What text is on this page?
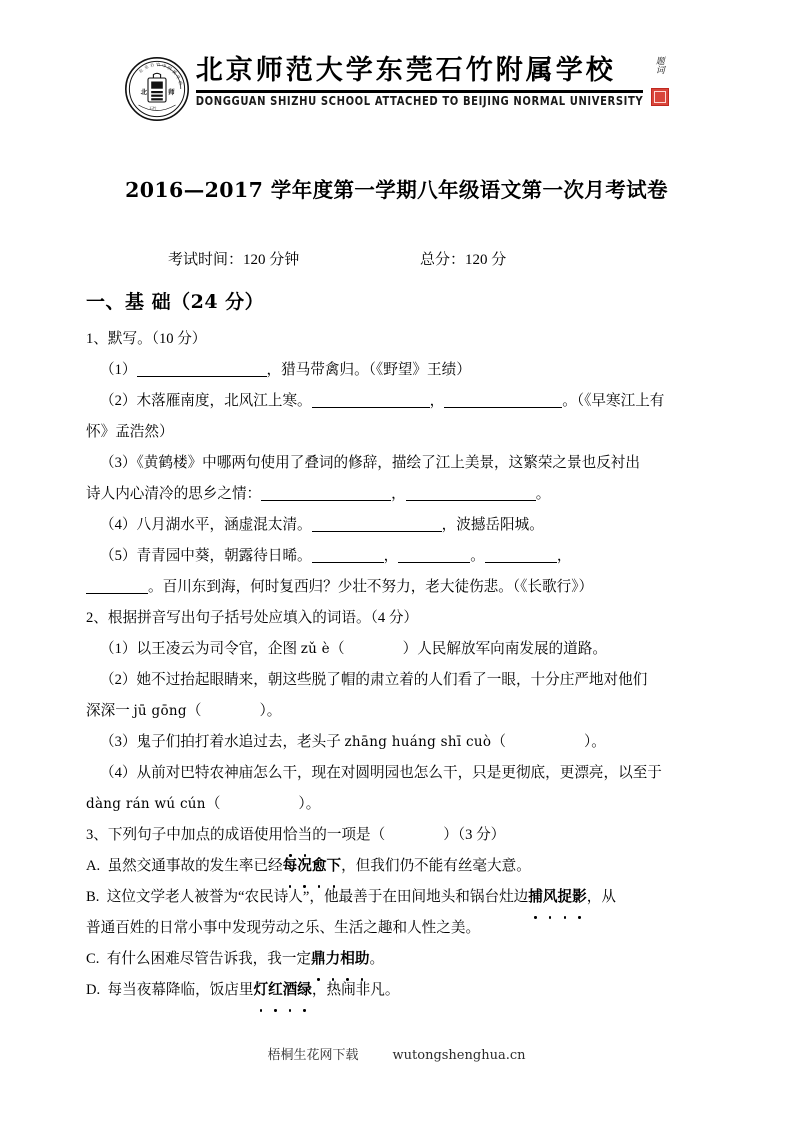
北
京 石 竹 中 附
属
学
校
北	师
石竹
北京师范大学东莞石竹附属学校
DONGGUAN SHIZHU SCHOOL ATTACHED TO BEIJING NORMAL UNIVERSITY
题
词
2016—2017 学年度第一学期八年级语文第一次月考试卷
考试时间：120 分钟	总分：120 分
一、基 础（24 分）

1、默写。（10 分）

（1）	，猎马带禽归。（《野望》王绩）

（2）木落雁南度，北风江上寒。	，	。（《早寒江上有

怀》孟浩然）

（3）《黄鹤楼》中哪两句使用了叠词的修辞，描绘了江上美景，这繁荣之景也反衬出

诗人内心清冷的思乡之情：	，	。

（4）八月湖水平，涵虚混太清。	，波撼岳阳城。

（5）青青园中葵，朝露待日晞。	，	。	，

。百川东到海，何时复西归？少壮不努力，老大徒伤悲。（《长歌行》）

2、根据拼音写出句子括号处应填入的词语。（4 分）

（1）以王凌云为司令官，企图 zǔ è（	）人民解放军向南发展的道路。

（2）她不过抬起眼睛来，朝这些脱了帽的肃立着的人们看了一眼，十分庄严地对他们

深深一 jū gōng（	）。

（3）鬼子们拍打着水追过去，老头子 zhāng huáng shī cuò（	）。

（4）从前对巴特农神庙怎么干，现在对圆明园也怎么干，只是更彻底，更漂亮，以至于

dàng rán wú cún（	）。

3、下列句子中加点的成语使用恰当的一项是（	）（3 分）

A. 虽然交通事故的发生率已经每况愈下，但我们仍不能有丝毫大意。

B. 这位文学老人被誉为“农民诗人”，他最善于在田间地头和锅台灶边捕风捉影，从

普通百姓的日常小事中发现劳动之乐、生活之趣和人性之美。

C. 有什么困难尽管告诉我，我一定鼎力相助。

D. 每当夜幕降临，饭店里灯红酒绿，热闹非凡。

梧桐生花网下载	wutongshenghua.cn
